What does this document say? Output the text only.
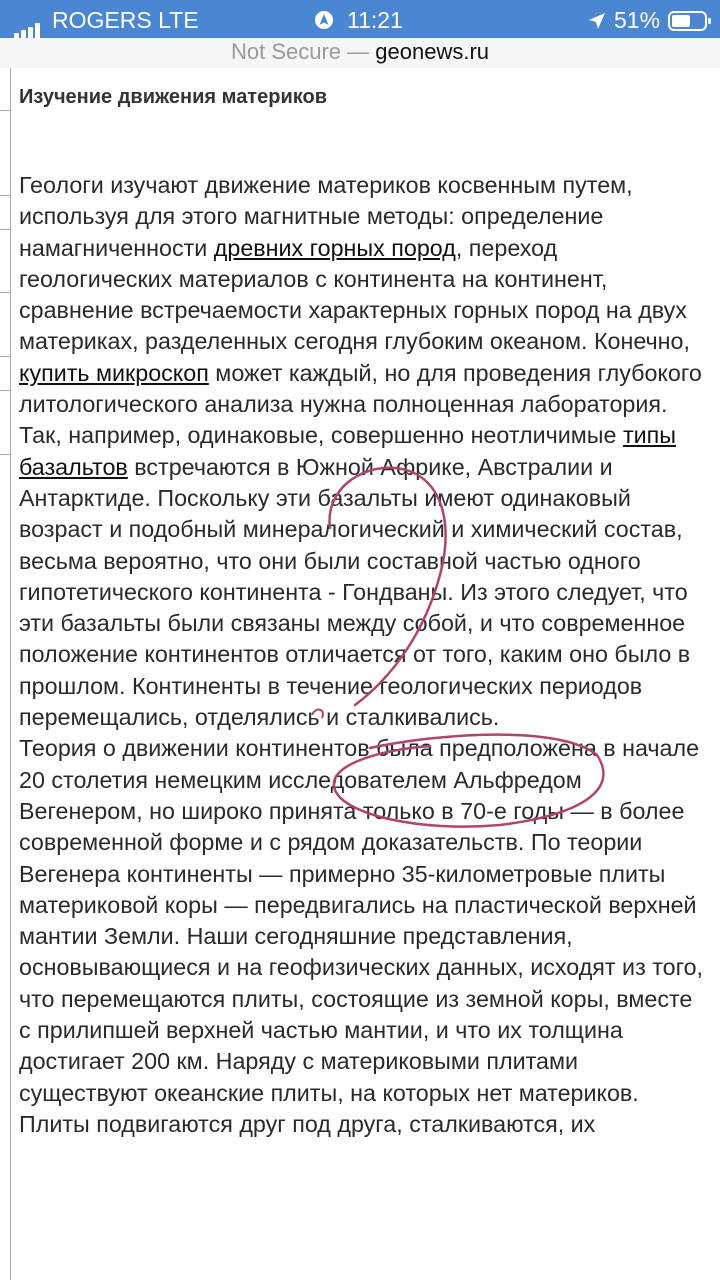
ROGERS LTE	11:21	51%
Not Secure — geonews.ru
Изучение движения материков

Геологи изучают движение материков косвенным путем, используя для этого магнитные методы: определение намагниченности древних горных пород, переход геологических материалов с континента на континент, сравнение встречаемости характерных горных пород на двух материках, разделенных сегодня глубоким океаном. Конечно, купить микроскоп может каждый, но для проведения глубокого литологического анализа нужна полноценная лаборатория.

Так, например, одинаковые, совершенно неотличимые типы базальтов встречаются в Южной Африке, Австралии и Антарктиде. Поскольку эти базальты имеют одинаковый возраст и подобный минералогический и химический состав, весьма вероятно, что они были составной частью одного гипотетического континента - Гондваны. Из этого следует, что эти базальты были связаны между собой, и что современное положение континентов отличается от того, каким оно было в прошлом. Континенты в течение геологических периодов перемещались, отделялись и сталкивались.

Теория о движении континентов была предположена в начале 20 столетия немецким исследователем Альфредом Вегенером, но широко принята только в 70-е годы — в более современной форме и с рядом доказательств. По теории Вегенера континенты — примерно 35-километровые плиты материковой коры — передвигались на пластической верхней мантии Земли. Наши сегодняшние представления, основывающиеся и на геофизических данных, исходят из того, что перемещаются плиты, состоящие из земной коры, вместе с прилипшей верхней частью мантии, и что их толщина достигает 200 км. Наряду с материковыми плитами существуют океанские плиты, на которых нет материков.

Плиты подвигаются друг под друга, сталкиваются, их
